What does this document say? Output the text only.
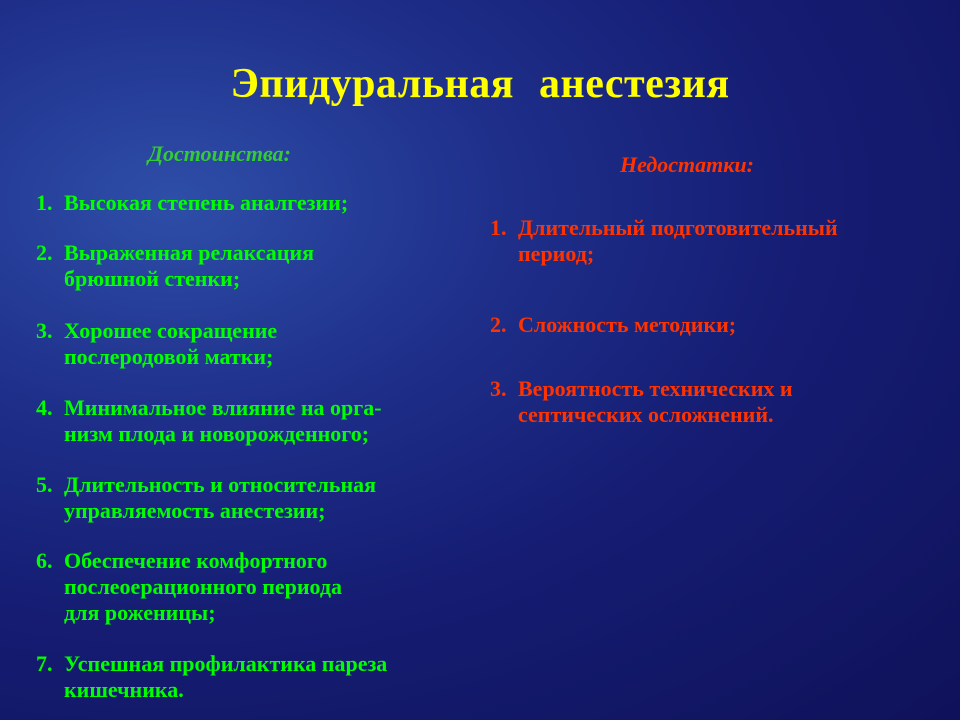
Эпидуральная анестезия
Достоинства:	Недостатки:
1. Высокая степень аналгезии;
2. Выраженная релаксация
брюшной стенки;
3. Хорошее сокращение
послеродовой матки;
4. Минимальное влияние на орга-
низм плода и новорожденного;
5. Длительность и относительная
управляемость анестезии;
6. Обеспечение комфортного
послеоерационного периода
для роженицы;
7. Успешная профилактика пареза
кишечника.
1. Длительный подготовительный
период;
2. Сложность методики;
3. Вероятность технических и
септических осложнений.
